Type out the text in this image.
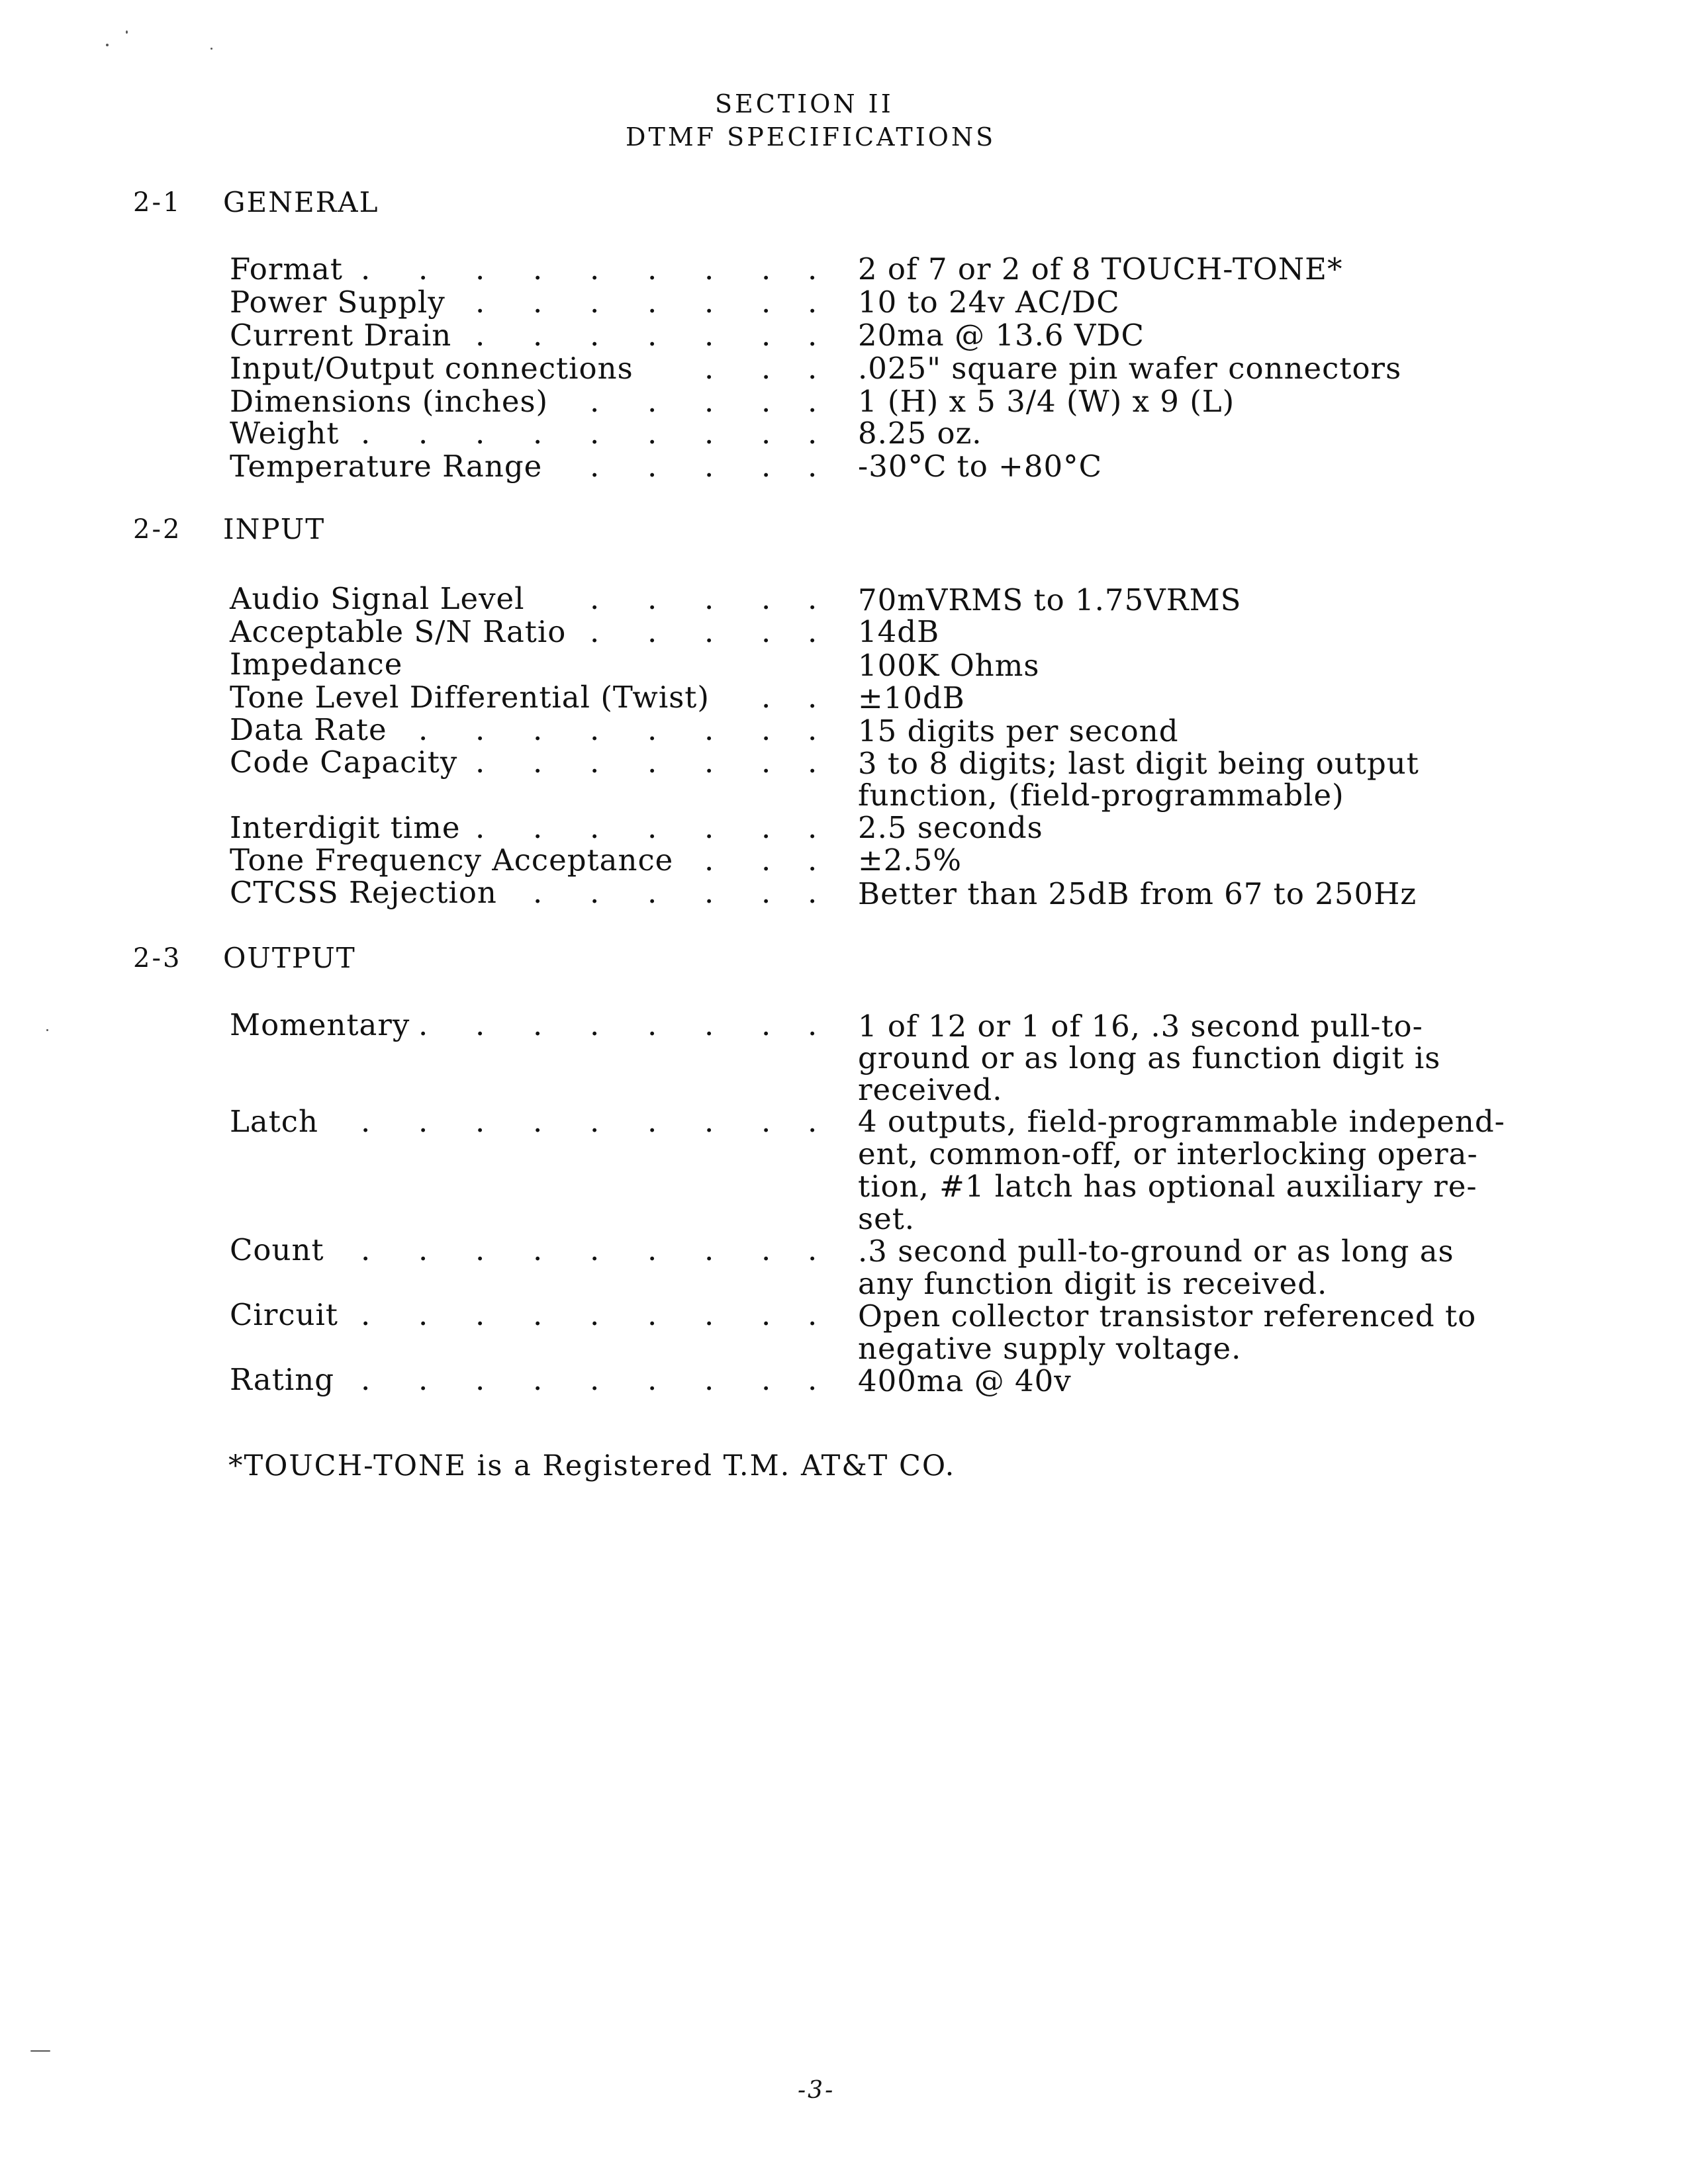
SECTION II
DTMF SPECIFICATIONS
2-1 GENERAL
Format	2 of 7 or 2 of 8 TOUCH-TONE*
Power Supply	10 to 24v AC/DC
Current Drain	20ma @ 13.6 VDC
Input/Output connections	.025" square pin wafer connectors
Dimensions (inches)	1 (H) x 5 3/4 (W) x 9 (L)
Weight	8.25 oz.
Temperature Range	-30°C to +80°C
2-2 INPUT
Audio Signal Level	70mVRMS to 1.75VRMS
Acceptable S/N Ratio	14dB
Impedance	100K Ohms
Tone Level Differential (Twist)	±10dB
Data Rate	15 digits per second
Code Capacity	3 to 8 digits; last digit being output
function, (field-programmable)
Interdigit time	2.5 seconds
Tone Frequency Acceptance	±2.5%
CTCSS Rejection	Better than 25dB from 67 to 250Hz
2-3 OUTPUT
Momentary	1 of 12 or 1 of 16, .3 second pull-to-
ground or as long as function digit is
received.
Latch	4 outputs, field-programmable independ-
ent, common-off, or interlocking opera-
tion, #1 latch has optional auxiliary re-
set.
Count	.3 second pull-to-ground or as long as
any function digit is received.
Circuit	Open collector transistor referenced to
negative supply voltage.
Rating	400ma @ 40v
. . . . . . . . .
. . . . . . .
. . . . . . .
. . .
. . . . .
. . . . . . . . .
. . . . .
. . . . .
. . . . .
. .
. . . . . . . .
. . . . . . .
. . . . . . .
. . .
. . . . . .
. . . . . . . .
. . . . . . . . .
. . . . . . . . .
. . . . . . . . .
. . . . . . . . .
*TOUCH-TONE is a Registered T.M. AT&T CO.
-3-
